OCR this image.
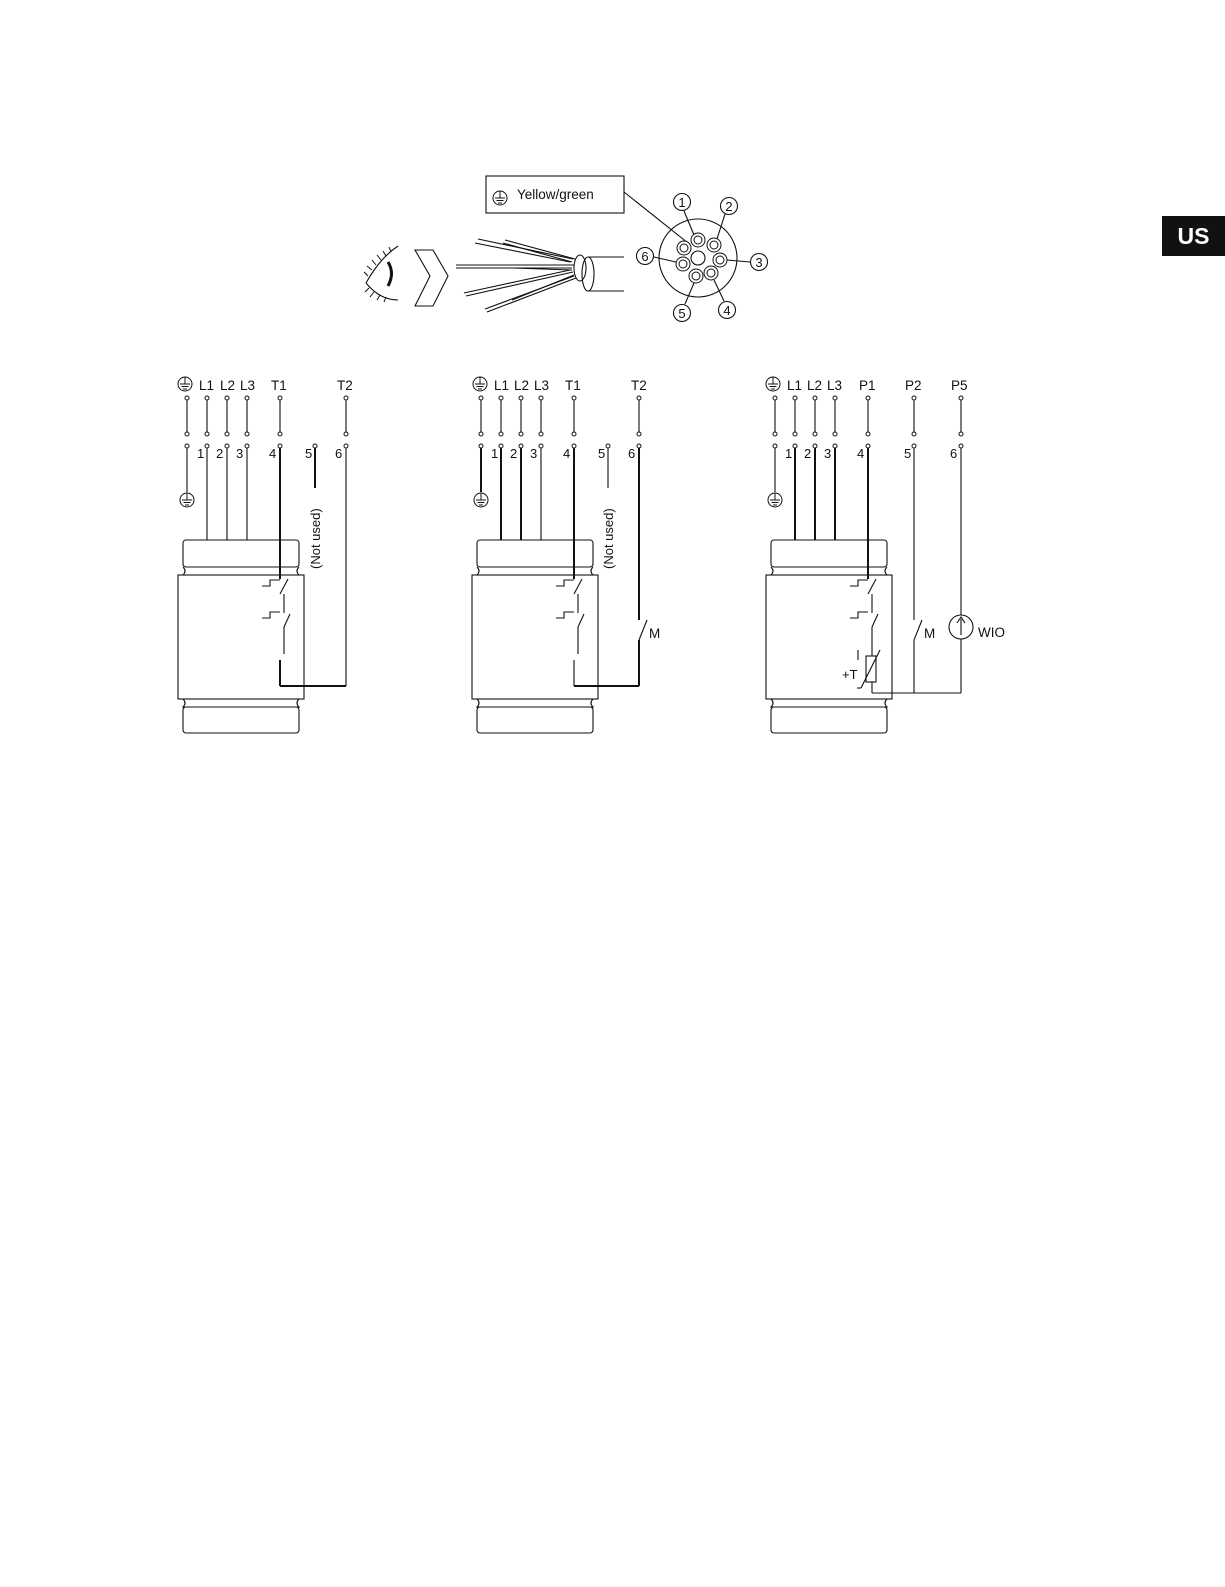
US
Yellow/green
1	2
3
4
5
6
L1 L2 L3 T1	T2
1 2 3 4 5 6
(Not used)
L1 L2 L3 T1	T2
1 2 3 4 5 6
(Not used)
M
L1 L2 L3 P1 P2 P5
1 2 3 4	5	6
+T
M	WIO
